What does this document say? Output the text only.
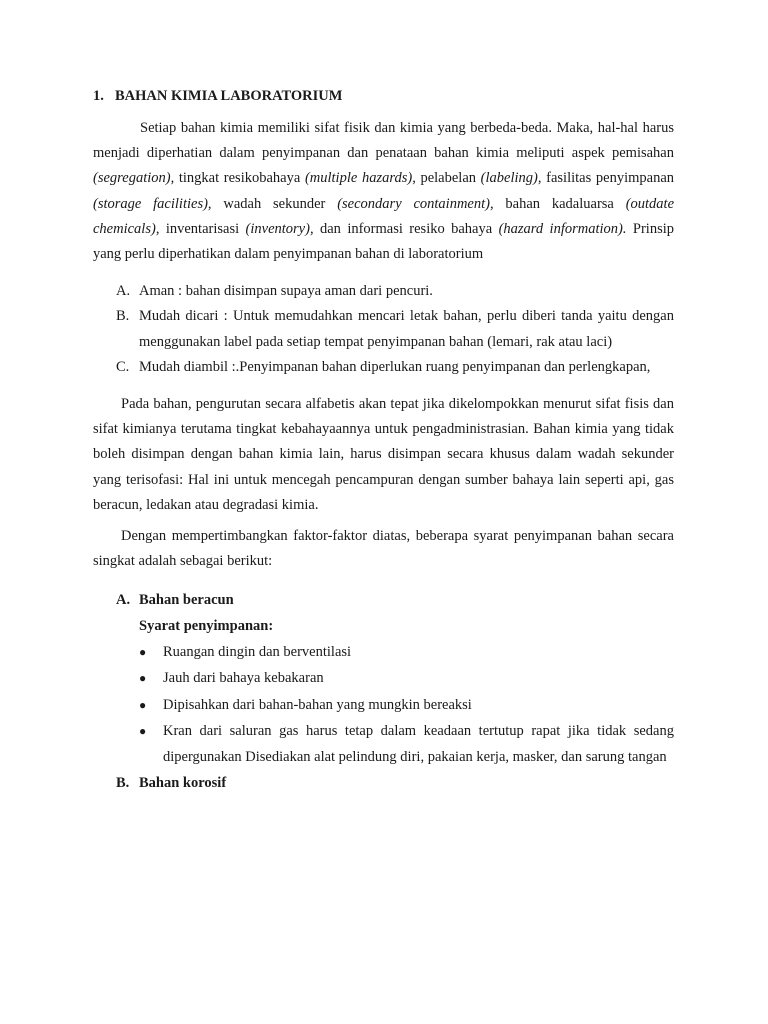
1. BAHAN KIMIA LABORATORIUM

Setiap bahan kimia memiliki sifat fisik dan kimia yang berbeda-beda. Maka, hal-hal harus menjadi diperhatian dalam penyimpanan dan penataan bahan kimia meliputi aspek pemisahan (segregation), tingkat resikobahaya (multiple hazards), pelabelan (labeling), fasilitas penyimpanan (storage facilities), wadah sekunder (secondary containment), bahan kadaluarsa (outdate chemicals), inventarisasi (inventory), dan informasi resiko bahaya (hazard information). Prinsip yang perlu diperhatikan dalam penyimpanan bahan di laboratorium

A. Aman : bahan disimpan supaya aman dari pencuri.
B. Mudah dicari : Untuk memudahkan mencari letak bahan, perlu diberi tanda yaitu dengan menggunakan label pada setiap tempat penyimpanan bahan (lemari, rak atau laci)
C. Mudah diambil :.Penyimpanan bahan diperlukan ruang penyimpanan dan perlengkapan,

Pada bahan, pengurutan secara alfabetis akan tepat jika dikelompokkan menurut sifat fisis dan sifat kimianya terutama tingkat kebahayaannya untuk pengadministrasian. Bahan kimia yang tidak boleh disimpan dengan bahan kimia lain, harus disimpan secara khusus dalam wadah sekunder yang terisofasi: Hal ini untuk mencegah pencampuran dengan sumber bahaya lain seperti api, gas beracun, ledakan atau degradasi kimia.

Dengan mempertimbangkan faktor-faktor diatas, beberapa syarat penyimpanan bahan secara singkat adalah sebagai berikut:

A. Bahan beracun
Syarat penyimpanan:
● Ruangan dingin dan berventilasi
● Jauh dari bahaya kebakaran
● Dipisahkan dari bahan-bahan yang mungkin bereaksi
● Kran dari saluran gas harus tetap dalam keadaan tertutup rapat jika tidak sedang dipergunakan Disediakan alat pelindung diri, pakaian kerja, masker, dan sarung tangan
B. Bahan korosif
